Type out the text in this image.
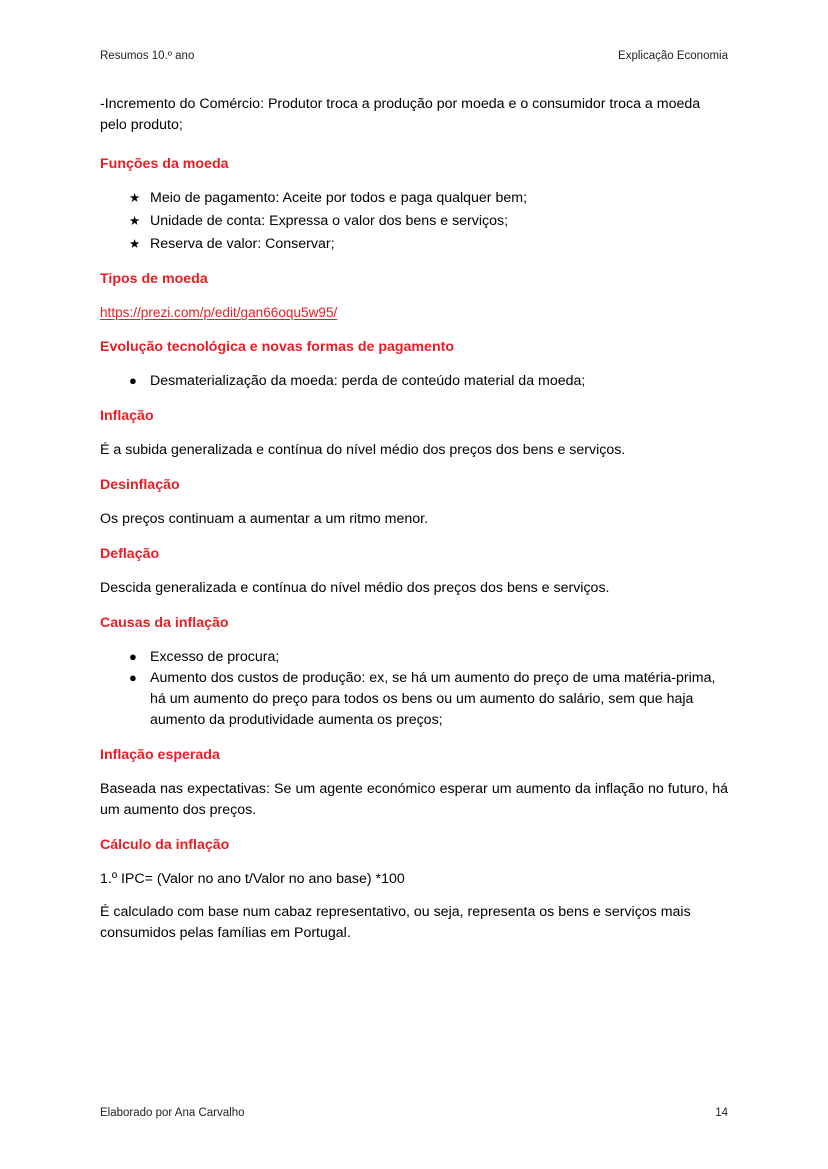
Resumos 10.º ano	Explicação Economia

-Incremento do Comércio: Produtor troca a produção por moeda e o consumidor troca a moeda pelo produto;

Funções da moeda
★ Meio de pagamento: Aceite por todos e paga qualquer bem;
★ Unidade de conta: Expressa o valor dos bens e serviços;
★ Reserva de valor: Conservar;
Tipos de moeda

https://prezi.com/p/edit/gan66oqu5w95/

Evolução tecnológica e novas formas de pagamento
● Desmaterialização da moeda: perda de conteúdo material da moeda;
Inflação

É a subida generalizada e contínua do nível médio dos preços dos bens e serviços.

Desinflação

Os preços continuam a aumentar a um ritmo menor.

Deflação

Descida generalizada e contínua do nível médio dos preços dos bens e serviços.

Causas da inflação
● Excesso de procura;
● Aumento dos custos de produção: ex, se há um aumento do preço de uma matéria-prima, há um aumento do preço para todos os bens ou um aumento do salário, sem que haja aumento da produtividade aumenta os preços;
Inflação esperada

Baseada nas expectativas: Se um agente económico esperar um aumento da inflação no futuro, há um aumento dos preços.

Cálculo da inflação

1.º IPC= (Valor no ano t/Valor no ano base) *100

É calculado com base num cabaz representativo, ou seja, representa os bens e serviços mais consumidos pelas famílias em Portugal.

Elaborado por Ana Carvalho	14
